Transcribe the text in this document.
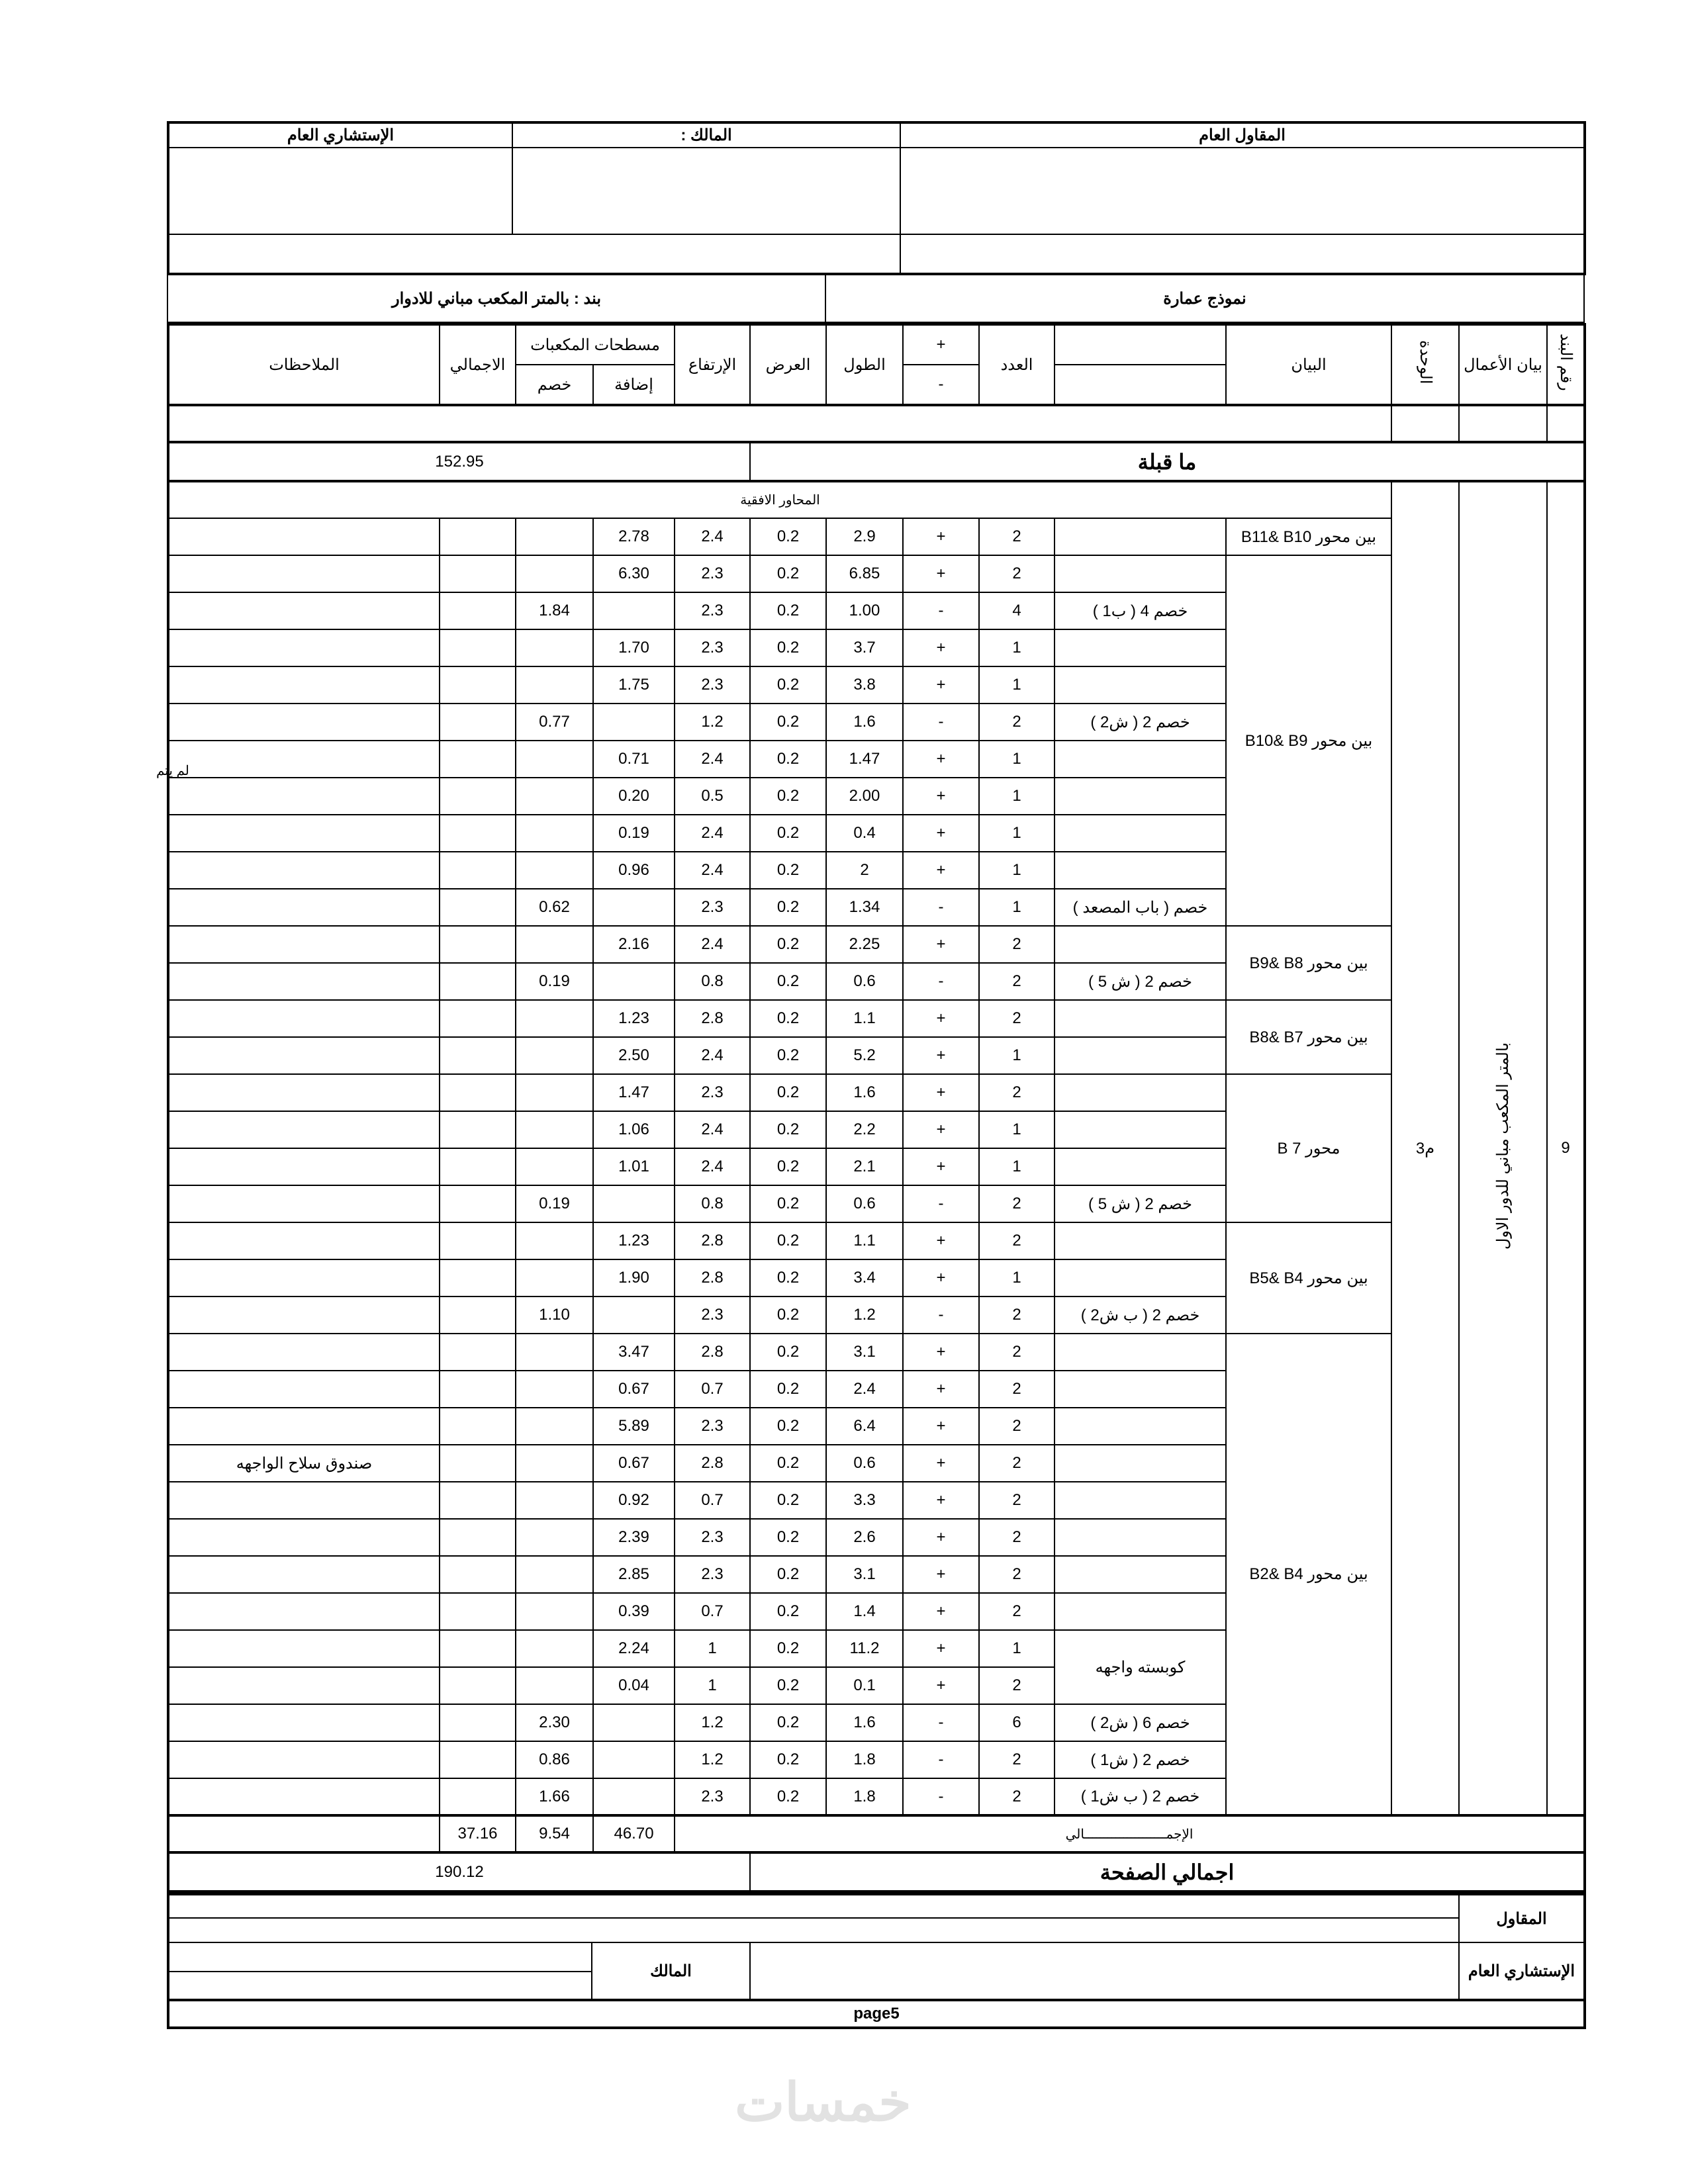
المقاول العام	المالك :	الإستشاري العام

نموذج عمارة	بند : بالمتر المكعب مباني للادوار
رقم البند	بيان الأعمال	الوحدة	البيان		العدد	+	الطول	العرض	الإرتفاع	مسطحات المكعبات		الاجمالي	الملاحظات
						-				إضافة	خصم		

ما قبلة									152.95				
9	بالمتر المكعب مباني للدور الاول	م3	المحاور الافقية										
			بين محور B11& B10		2	+	2.9	0.2	2.4	2.78			
			بين محور B10& B9		2	+	6.85	0.2	2.3	6.30			
				خصم 4 ( ب1 )	4	-	1.00	0.2	2.3		1.84		
					1	+	3.7	0.2	2.3	1.70			
					1	+	3.8	0.2	2.3	1.75			
				خصم 2 ( ش2 )	2	-	1.6	0.2	1.2		0.77		
					1	+	1.47	0.2	2.4	0.71			
					1	+	2.00	0.2	0.5	0.20			
					1	+	0.4	0.2	2.4	0.19			
					1	+	2	0.2	2.4	0.96			
				خصم ( باب المصعد )	1	-	1.34	0.2	2.3		0.62		
			بين محور B9& B8		2	+	2.25	0.2	2.4	2.16			
				خصم 2 ( ش 5 )	2	-	0.6	0.2	0.8		0.19		
			بين محور B8& B7		2	+	1.1	0.2	2.8	1.23			
					1	+	5.2	0.2	2.4	2.50			
			محور B 7		2	+	1.6	0.2	2.3	1.47			
					1	+	2.2	0.2	2.4	1.06			
					1	+	2.1	0.2	2.4	1.01			
				خصم 2 ( ش 5 )	2	-	0.6	0.2	0.8		0.19		
			بين محور B5& B4		2	+	1.1	0.2	2.8	1.23			
					1	+	3.4	0.2	2.8	1.90			
				خصم 2 ( ب ش2 )	2	-	1.2	0.2	2.3		1.10		
			بين محور B2& B4		2	+	3.1	0.2	2.8	3.47			
					2	+	2.4	0.2	0.7	0.67			
					2	+	6.4	0.2	2.3	5.89			
					2	+	0.6	0.2	2.8	0.67			صندوق سلاح الواجهه
					2	+	3.3	0.2	0.7	0.92			
					2	+	2.6	0.2	2.3	2.39			
					2	+	3.1	0.2	2.3	2.85			
					2	+	1.4	0.2	0.7	0.39			
				كوبسته واجهه	1	+	11.2	0.2	1	2.24			
					2	+	0.1	0.2	1	0.04			
				خصم 6 ( ش2 )	6	-	1.6	0.2	1.2		2.30		
				خصم 2 ( ش1 )	2	-	1.8	0.2	1.2		0.86		
				خصم 2 ( ب ش1 )	2	-	1.8	0.2	2.3		1.66		
الإجمـــــــــــــــــــــالي										46.70	9.54	37.16	
اجمالي الصفحة									190.12				
المقاول			

الإستشاري العام		المالك	

page5			
لم يتم
خمسات
